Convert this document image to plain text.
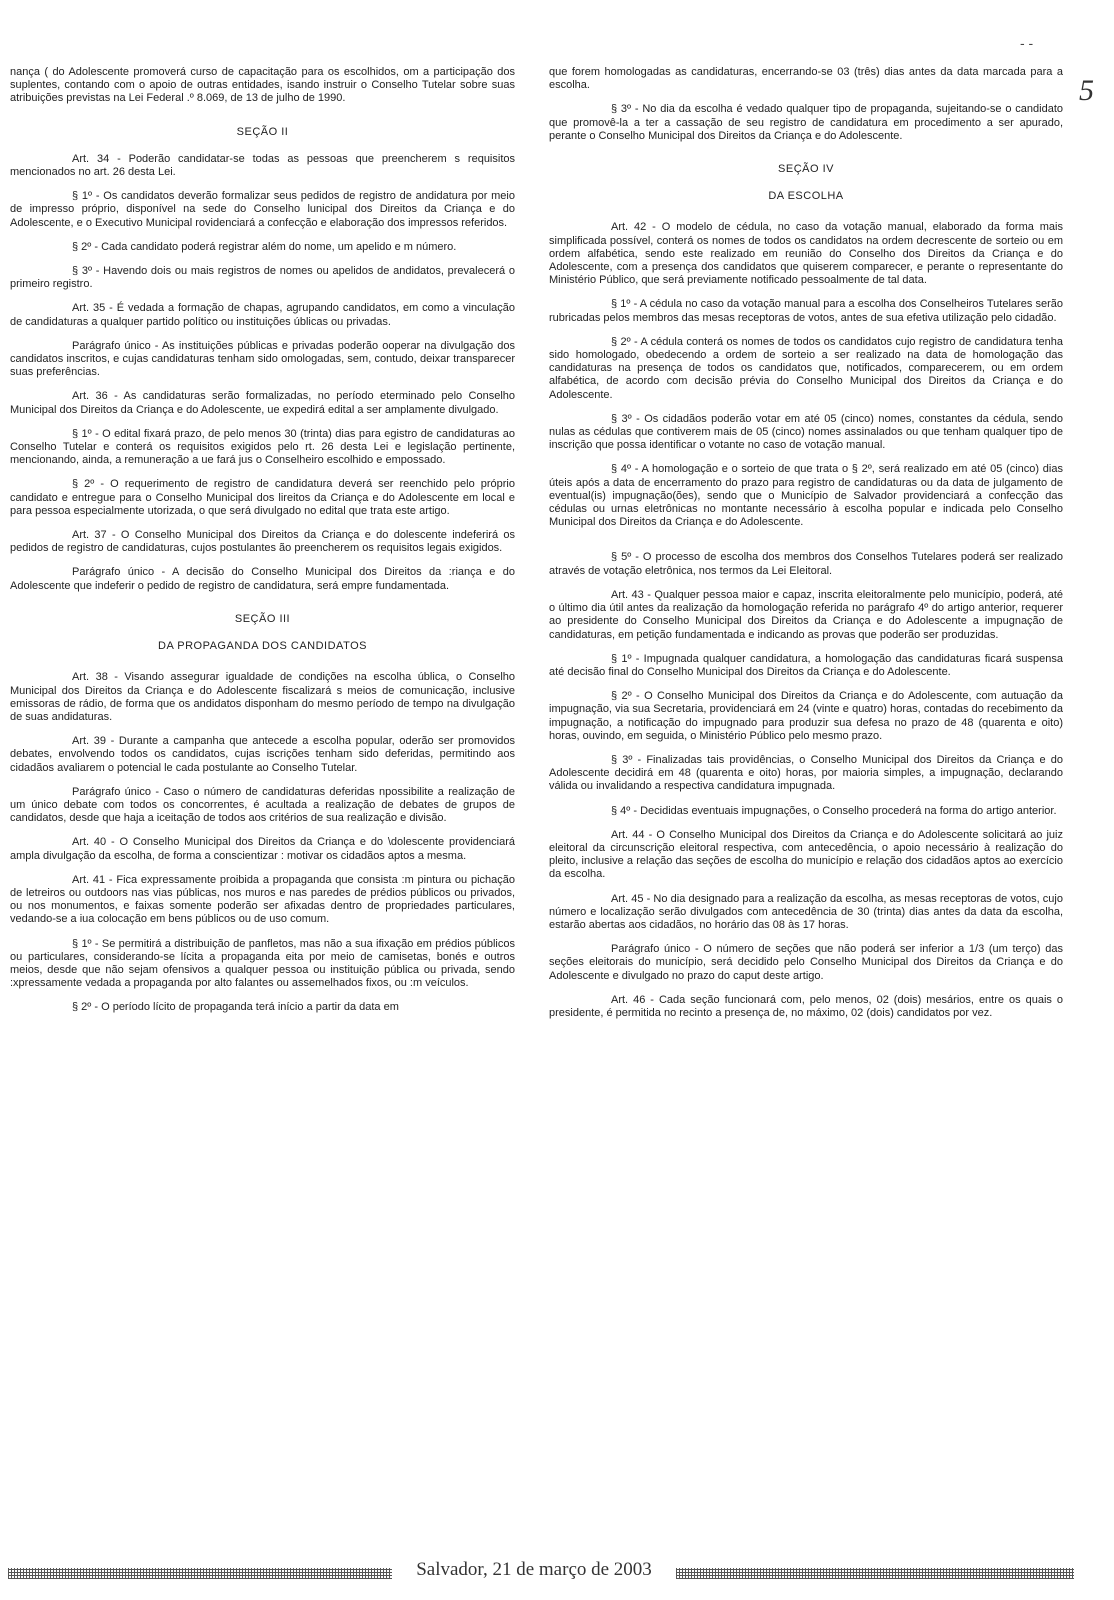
- -
5
nança ( do Adolescente promoverá curso de capacitação para os escolhidos, om a participação dos suplentes, contando com o apoio de outras entidades, isando instruir o Conselho Tutelar sobre suas atribuições previstas na Lei Federal .º 8.069, de 13 de julho de 1990.
SEÇÃO II
Art. 34 - Poderão candidatar-se todas as pessoas que preencherem s requisitos mencionados no art. 26 desta Lei.
§ 1º - Os candidatos deverão formalizar seus pedidos de registro de andidatura por meio de impresso próprio, disponível na sede do Conselho lunicipal dos Direitos da Criança e do Adolescente, e o Executivo Municipal rovidenciará a confecção e elaboração dos impressos referidos.
§ 2º - Cada candidato poderá registrar além do nome, um apelido e m número.
§ 3º - Havendo dois ou mais registros de nomes ou apelidos de andidatos, prevalecerá o primeiro registro.
Art. 35 - É vedada a formação de chapas, agrupando candidatos, em como a vinculação de candidaturas a qualquer partido político ou instituições úblicas ou privadas.
Parágrafo único - As instituições públicas e privadas poderão ooperar na divulgação dos candidatos inscritos, e cujas candidaturas tenham sido omologadas, sem, contudo, deixar transparecer suas preferências.
Art. 36 - As candidaturas serão formalizadas, no período eterminado pelo Conselho Municipal dos Direitos da Criança e do Adolescente, ue expedirá edital a ser amplamente divulgado.
§ 1º - O edital fixará prazo, de pelo menos 30 (trinta) dias para egistro de candidaturas ao Conselho Tutelar e conterá os requisitos exigidos pelo rt. 26 desta Lei e legislação pertinente, mencionando, ainda, a remuneração a ue fará jus o Conselheiro escolhido e empossado.
§ 2º - O requerimento de registro de candidatura deverá ser reenchido pelo próprio candidato e entregue para o Conselho Municipal dos lireitos da Criança e do Adolescente em local e para pessoa especialmente utorizada, o que será divulgado no edital que trata este artigo.
Art. 37 - O Conselho Municipal dos Direitos da Criança e do dolescente indeferirá os pedidos de registro de candidaturas, cujos postulantes ão preencherem os requisitos legais exigidos.
Parágrafo único - A decisão do Conselho Municipal dos Direitos da :riança e do Adolescente que indeferir o pedido de registro de candidatura, será empre fundamentada.
SEÇÃO III
DA PROPAGANDA DOS CANDIDATOS
Art. 38 - Visando assegurar igualdade de condições na escolha ública, o Conselho Municipal dos Direitos da Criança e do Adolescente fiscalizará s meios de comunicação, inclusive emissoras de rádio, de forma que os andidatos disponham do mesmo período de tempo na divulgação de suas andidaturas.
Art. 39 - Durante a campanha que antecede a escolha popular, oderão ser promovidos debates, envolvendo todos os candidatos, cujas iscrições tenham sido deferidas, permitindo aos cidadãos avaliarem o potencial le cada postulante ao Conselho Tutelar.
Parágrafo único - Caso o número de candidaturas deferidas npossibilite a realização de um único debate com todos os concorrentes, é acultada a realização de debates de grupos de candidatos, desde que haja a iceitação de todos aos critérios de sua realização e divisão.
Art. 40 - O Conselho Municipal dos Direitos da Criança e do \dolescente providenciará ampla divulgação da escolha, de forma a conscientizar : motivar os cidadãos aptos a mesma.
Art. 41 - Fica expressamente proibida a propaganda que consista :m pintura ou pichação de letreiros ou outdoors nas vias públicas, nos muros e nas paredes de prédios públicos ou privados, ou nos monumentos, e faixas somente poderão ser afixadas dentro de propriedades particulares, vedando-se a iua colocação em bens públicos ou de uso comum.
§ 1º - Se permitirá a distribuição de panfletos, mas não a sua ifixação em prédios públicos ou particulares, considerando-se lícita a propaganda eita por meio de camisetas, bonés e outros meios, desde que não sejam ofensivos a qualquer pessoa ou instituição pública ou privada, sendo :xpressamente vedada a propaganda por alto falantes ou assemelhados fixos, ou :m veículos.
§ 2º - O período lícito de propaganda terá início a partir da data em
que forem homologadas as candidaturas, encerrando-se 03 (três) dias antes da data marcada para a escolha.
§ 3º - No dia da escolha é vedado qualquer tipo de propaganda, sujeitando-se o candidato que promovê-la a ter a cassação de seu registro de candidatura em procedimento a ser apurado, perante o Conselho Municipal dos Direitos da Criança e do Adolescente.
SEÇÃO IV
DA ESCOLHA
Art. 42 - O modelo de cédula, no caso da votação manual, elaborado da forma mais simplificada possível, conterá os nomes de todos os candidatos na ordem decrescente de sorteio ou em ordem alfabética, sendo este realizado em reunião do Conselho dos Direitos da Criança e do Adolescente, com a presença dos candidatos que quiserem comparecer, e perante o representante do Ministério Público, que será previamente notificado pessoalmente de tal data.
§ 1º - A cédula no caso da votação manual para a escolha dos Conselheiros Tutelares serão rubricadas pelos membros das mesas receptoras de votos, antes de sua efetiva utilização pelo cidadão.
§ 2º - A cédula conterá os nomes de todos os candidatos cujo registro de candidatura tenha sido homologado, obedecendo a ordem de sorteio a ser realizado na data de homologação das candidaturas na presença de todos os candidatos que, notificados, comparecerem, ou em ordem alfabética, de acordo com decisão prévia do Conselho Municipal dos Direitos da Criança e do Adolescente.
§ 3º - Os cidadãos poderão votar em até 05 (cinco) nomes, constantes da cédula, sendo nulas as cédulas que contiverem mais de 05 (cinco) nomes assinalados ou que tenham qualquer tipo de inscrição que possa identificar o votante no caso de votação manual.
§ 4º - A homologação e o sorteio de que trata o § 2º, será realizado em até 05 (cinco) dias úteis após a data de encerramento do prazo para registro de candidaturas ou da data de julgamento de eventual(is) impugnação(ões), sendo que o Município de Salvador providenciará a confecção das cédulas ou urnas eletrônicas no montante necessário à escolha popular e indicada pelo Conselho Municipal dos Direitos da Criança e do Adolescente.
§ 5º - O processo de escolha dos membros dos Conselhos Tutelares poderá ser realizado através de votação eletrônica, nos termos da Lei Eleitoral.
Art. 43 - Qualquer pessoa maior e capaz, inscrita eleitoralmente pelo município, poderá, até o último dia útil antes da realização da homologação referida no parágrafo 4º do artigo anterior, requerer ao presidente do Conselho Municipal dos Direitos da Criança e do Adolescente a impugnação de candidaturas, em petição fundamentada e indicando as provas que poderão ser produzidas.
§ 1º - Impugnada qualquer candidatura, a homologação das candidaturas ficará suspensa até decisão final do Conselho Municipal dos Direitos da Criança e do Adolescente.
§ 2º - O Conselho Municipal dos Direitos da Criança e do Adolescente, com autuação da impugnação, via sua Secretaria, providenciará em 24 (vinte e quatro) horas, contadas do recebimento da impugnação, a notificação do impugnado para produzir sua defesa no prazo de 48 (quarenta e oito) horas, ouvindo, em seguida, o Ministério Público pelo mesmo prazo.
§ 3º - Finalizadas tais providências, o Conselho Municipal dos Direitos da Criança e do Adolescente decidirá em 48 (quarenta e oito) horas, por maioria simples, a impugnação, declarando válida ou invalidando a respectiva candidatura impugnada.
§ 4º - Decididas eventuais impugnações, o Conselho procederá na forma do artigo anterior.
Art. 44 - O Conselho Municipal dos Direitos da Criança e do Adolescente solicitará ao juiz eleitoral da circunscrição eleitoral respectiva, com antecedência, o apoio necessário à realização do pleito, inclusive a relação das seções de escolha do município e relação dos cidadãos aptos ao exercício da escolha.
Art. 45 - No dia designado para a realização da escolha, as mesas receptoras de votos, cujo número e localização serão divulgados com antecedência de 30 (trinta) dias antes da data da escolha, estarão abertas aos cidadãos, no horário das 08 às 17 horas.
Parágrafo único - O número de seções que não poderá ser inferior a 1/3 (um terço) das seções eleitorais do município, será decidido pelo Conselho Municipal dos Direitos da Criança e do Adolescente e divulgado no prazo do caput deste artigo.
Art. 46 - Cada seção funcionará com, pelo menos, 02 (dois) mesários, entre os quais o presidente, é permitida no recinto a presença de, no máximo, 02 (dois) candidatos por vez.
Salvador, 21 de março de 2003
